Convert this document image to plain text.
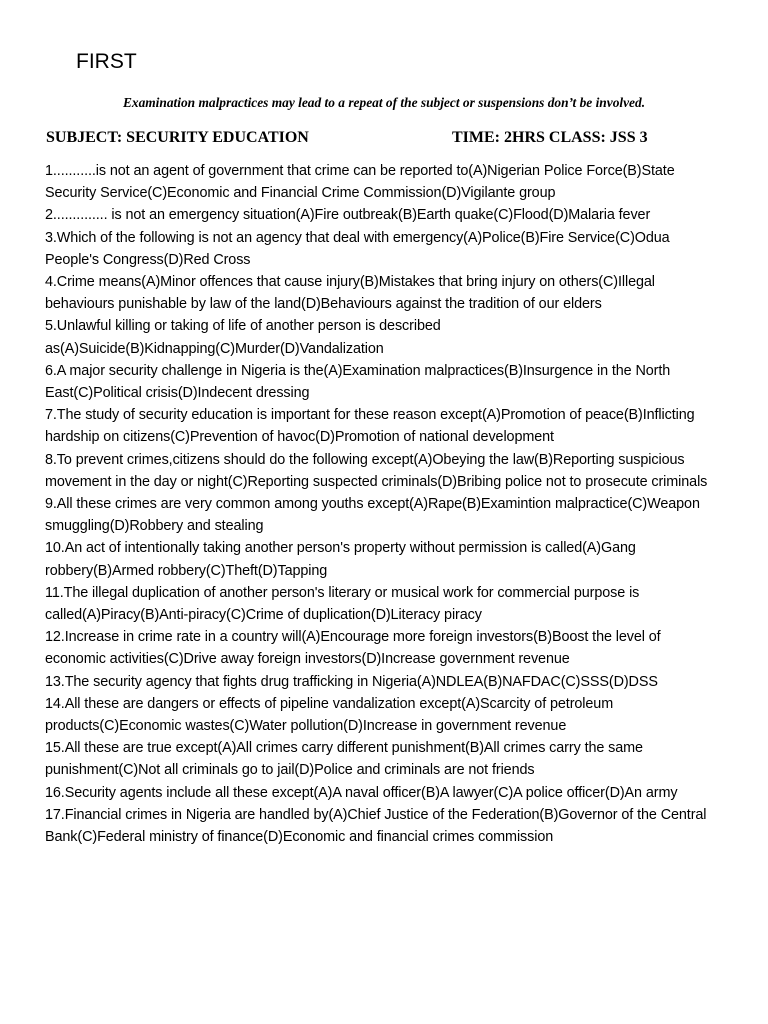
FIRST

Examination malpractices may lead to a repeat of the subject or suspensions don’t be involved.

SUBJECT: SECURITY EDUCATION	TIME: 2HRS CLASS: JSS 3
1...........is not an agent of government that crime can be reported to(A)Nigerian Police Force(B)State Security Service(C)Economic and Financial Crime Commission(D)Vigilante group
2.............. is not an emergency situation(A)Fire outbreak(B)Earth quake(C)Flood(D)Malaria fever
3.Which of the following is not an agency that deal with emergency(A)Police(B)Fire Service(C)Odua People's Congress(D)Red Cross
4.Crime means(A)Minor offences that cause injury(B)Mistakes that bring injury on others(C)Illegal behaviours punishable by law of the land(D)Behaviours against the tradition of our elders
5.Unlawful killing or taking of life of another person is described as(A)Suicide(B)Kidnapping(C)Murder(D)Vandalization
6.A major security challenge in Nigeria is the(A)Examination malpractices(B)Insurgence in the North East(C)Political crisis(D)Indecent dressing
7.The study of security education is important for these reason except(A)Promotion of peace(B)Inflicting hardship on citizens(C)Prevention of havoc(D)Promotion of national development
8.To prevent crimes,citizens should do the following except(A)Obeying the law(B)Reporting suspicious movement in the day or night(C)Reporting suspected criminals(D)Bribing police not to prosecute criminals
9.All these crimes are very common among youths except(A)Rape(B)Examintion malpractice(C)Weapon smuggling(D)Robbery and stealing
10.An act of intentionally taking another person's property without permission is called(A)Gang robbery(B)Armed robbery(C)Theft(D)Tapping
11.The illegal duplication of another person's literary or musical work for commercial purpose is called(A)Piracy(B)Anti-piracy(C)Crime of duplication(D)Literacy piracy
12.Increase in crime rate in a country will(A)Encourage more foreign investors(B)Boost the level of economic activities(C)Drive away foreign investors(D)Increase government revenue
13.The security agency that fights drug trafficking in Nigeria(A)NDLEA(B)NAFDAC(C)SSS(D)DSS
14.All these are dangers or effects of pipeline vandalization except(A)Scarcity of petroleum products(C)Economic wastes(C)Water pollution(D)Increase in government revenue
15.All these are true except(A)All crimes carry different punishment(B)All crimes carry the same punishment(C)Not all criminals go to jail(D)Police and criminals are not friends
16.Security agents include all these except(A)A naval officer(B)A lawyer(C)A police officer(D)An army
17.Financial crimes in Nigeria are handled by(A)Chief Justice of the Federation(B)Governor of the Central Bank(C)Federal ministry of finance(D)Economic and financial crimes commission
